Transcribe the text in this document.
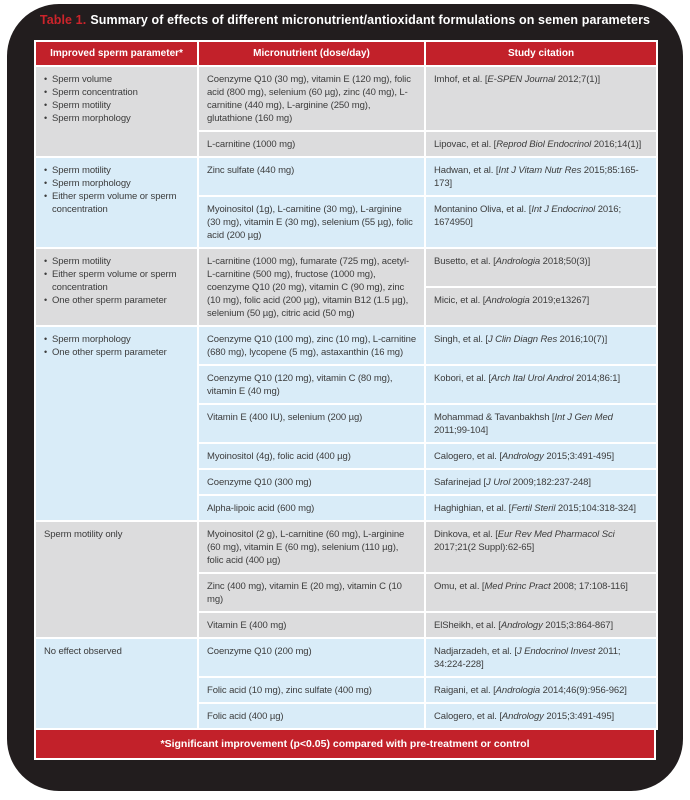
Table 1. Summary of effects of different micronutrient/antioxidant formulations on semen parameters
Improved sperm parameter*	Micronutrient (dose/day)	Study citation

• Sperm volume
• Sperm concentration
• Sperm motility
• Sperm morphology
	Coenzyme Q10 (30 mg), vitamin E (120 mg), folic acid (800 mg), selenium (60 µg), zinc (40 mg), L-carnitine (440 mg), L-arginine (250 mg), glutathione (160 mg)	Imhof, et al. [E-SPEN Journal 2012;7(1)]
	L-carnitine (1000 mg)	Lipovac, et al. [Reprod Biol Endocrinol 2016;14(1)]

• Sperm motility
• Sperm morphology
• Either sperm volume or sperm concentration
	Zinc sulfate (440 mg)	Hadwan, et al. [Int J Vitam Nutr Res 2015;85:165-173]
	Myoinositol (1g), L-carnitine (30 mg), L-arginine (30 mg), vitamin E (30 mg), selenium (55 µg), folic acid (200 µg)	Montanino Oliva, et al. [Int J Endocrinol 2016; 1674950]

• Sperm motility
• Either sperm volume or sperm concentration
• One other sperm parameter
	L-carnitine (1000 mg), fumarate (725 mg), acetyl-L-carnitine (500 mg), fructose (1000 mg), coenzyme Q10 (20 mg), vitamin C (90 mg), zinc (10 mg), folic acid (200 µg), vitamin B12 (1.5 µg), selenium (50 µg), citric acid (50 mg)	Busetto, et al. [Andrologia 2018;50(3)]
		Micic, et al. [Andrologia 2019;e13267]

• Sperm morphology
• One other sperm parameter	Coenzyme Q10 (100 mg), zinc (10 mg), L-carnitine (680 mg), lycopene (5 mg), astaxanthin (16 mg)	Singh, et al. [J Clin Diagn Res 2016;10(7)]
	Coenzyme Q10 (120 mg), vitamin C (80 mg), vitamin E (40 mg)	Kobori, et al. [Arch Ital Urol Androl 2014;86:1]
	Vitamin E (400 IU), selenium (200 µg)	Mohammad & Tavanbakhsh [Int J Gen Med 2011;99-104]
	Myoinositol (4g), folic acid (400 µg)	Calogero, et al. [Andrology 2015;3:491-495]
	Coenzyme Q10 (300 mg)	Safarinejad [J Urol 2009;182:237-248]
	Alpha-lipoic acid (600 mg)	Haghighian, et al. [Fertil Steril 2015;104:318-324]

Sperm motility only	Myoinositol (2 g), L-carnitine (60 mg), L-arginine (60 mg), vitamin E (60 mg), selenium (110 µg), folic acid (400 µg)	Dinkova, et al. [Eur Rev Med Pharmacol Sci 2017;21(2 Suppl):62-65]
	Zinc (400 mg), vitamin E (20 mg), vitamin C (10 mg)	Omu, et al. [Med Princ Pract 2008; 17:108-116]
	Vitamin E (400 mg)	ElSheikh, et al. [Andrology 2015;3:864-867]

No effect observed	Coenzyme Q10 (200 mg)	Nadjarzadeh, et al. [J Endocrinol Invest 2011; 34:224-228]
	Folic acid (10 mg), zinc sulfate (400 mg)	Raigani, et al. [Andrologia 2014;46(9):956-962]
	Folic acid (400 µg)	Calogero, et al. [Andrology 2015;3:491-495]
*Significant improvement (p<0.05) compared with pre-treatment or control
